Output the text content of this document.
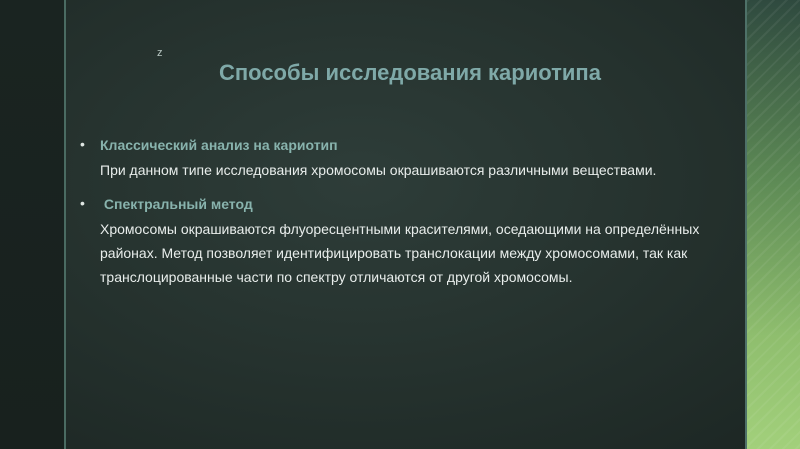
z
Способы исследования кариотипа
• Классический анализ на кариотип
При данном типе исследования хромосомы окрашиваются различными веществами.
• Спектральный метод
Хромосомы окрашиваются флуоресцентными красителями, оседающими на определённых районах. Метод позволяет идентифицировать транслокации между хромосомами, так как транслоцированные части по спектру отличаются от другой хромосомы.
